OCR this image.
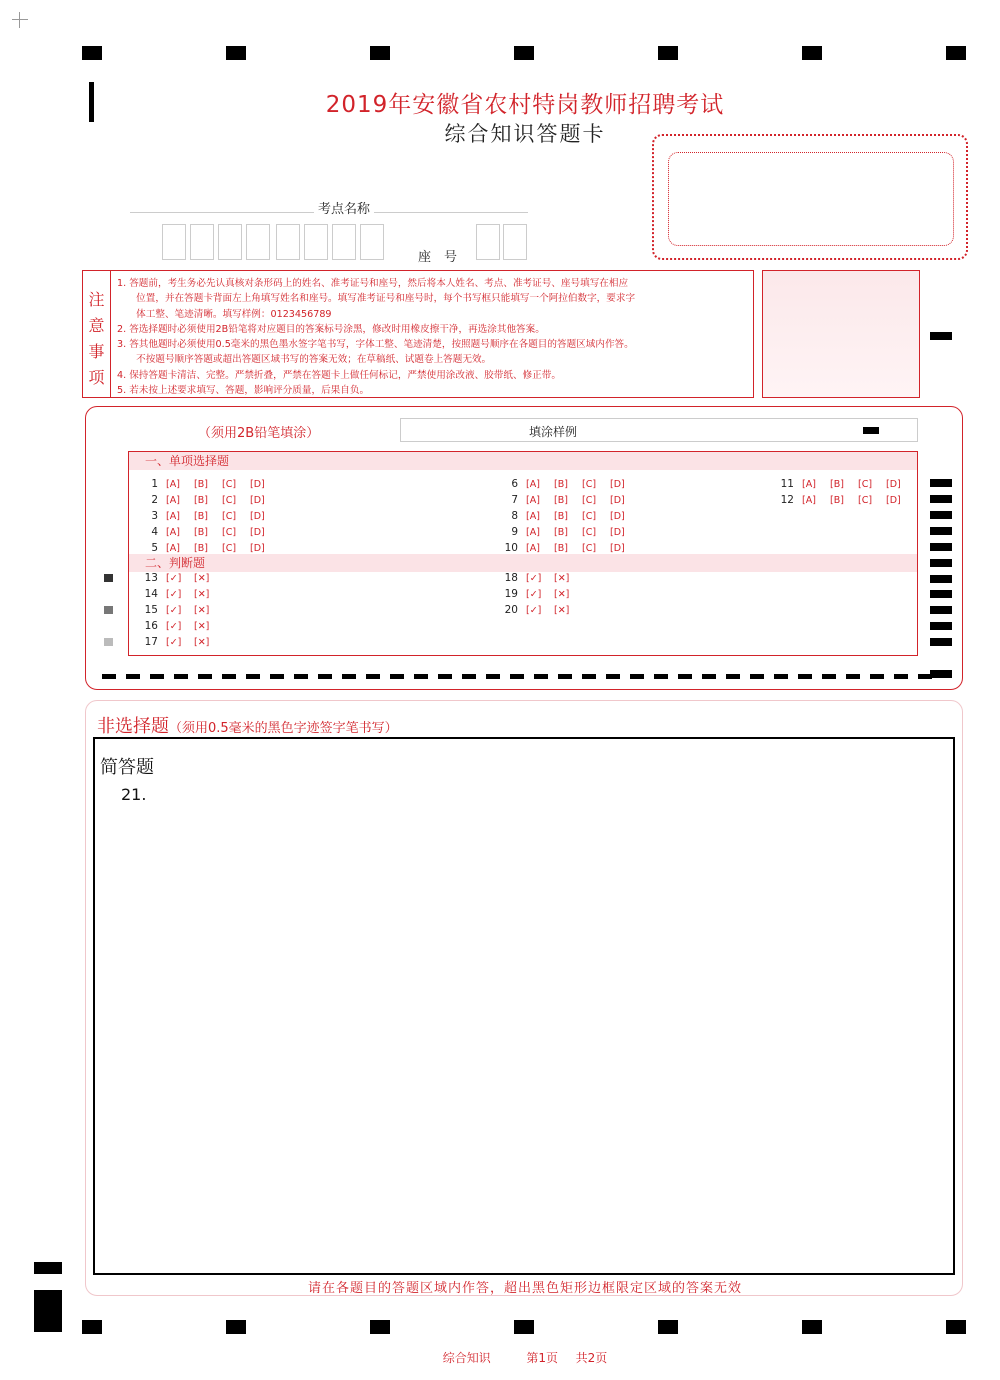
2019年安徽省农村特岗教师招聘考试
综合知识答题卡
考点名称
座　号
注
意
事
项
1. 答题前，考生务必先认真核对条形码上的姓名、准考证号和座号，然后将本人姓名、考点、准考证号、座号填写在相应
　　位置，并在答题卡背面左上角填写姓名和座号。填写准考证号和座号时，每个书写框只能填写一个阿拉伯数字，要求字
　　体工整、笔迹清晰。填写样例：0123456789
2. 答选择题时必须使用2B铅笔将对应题目的答案标号涂黑，修改时用橡皮擦干净，再选涂其他答案。
3. 答其他题时必须使用0.5毫米的黑色墨水签字笔书写，字体工整、笔迹清楚，按照题号顺序在各题目的答题区域内作答。
　　不按题号顺序答题或超出答题区域书写的答案无效；在草稿纸、试题卷上答题无效。
4. 保持答题卡清洁、完整。严禁折叠，严禁在答题卡上做任何标记，严禁使用涂改液、胶带纸、修正带。
5. 若未按上述要求填写、答题，影响评分质量，后果自负。
（须用2B铅笔填涂）	填涂样例
一、单项选择题
二、判断题
1 [A] [B] [C] [D]
2 [A] [B] [C] [D]
3 [A] [B] [C] [D]
4 [A] [B] [C] [D]
5 [A] [B] [C] [D]
6 [A] [B] [C] [D]
7 [A] [B] [C] [D]
8 [A] [B] [C] [D]
9 [A] [B] [C] [D]
10 [A] [B] [C] [D]
11 [A] [B] [C] [D]
12 [A] [B] [C] [D]
13 [✓] [✕]
14 [✓] [✕]
15 [✓] [✕]
16 [✓] [✕]
17 [✓] [✕]
18 [✓] [✕]
19 [✓] [✕]
20 [✓] [✕]
非选择题（须用0.5毫米的黑色字迹签字笔书写）
简答题
21.
请在各题目的答题区域内作答，超出黑色矩形边框限定区域的答案无效
综合知识	第1页 共2页
